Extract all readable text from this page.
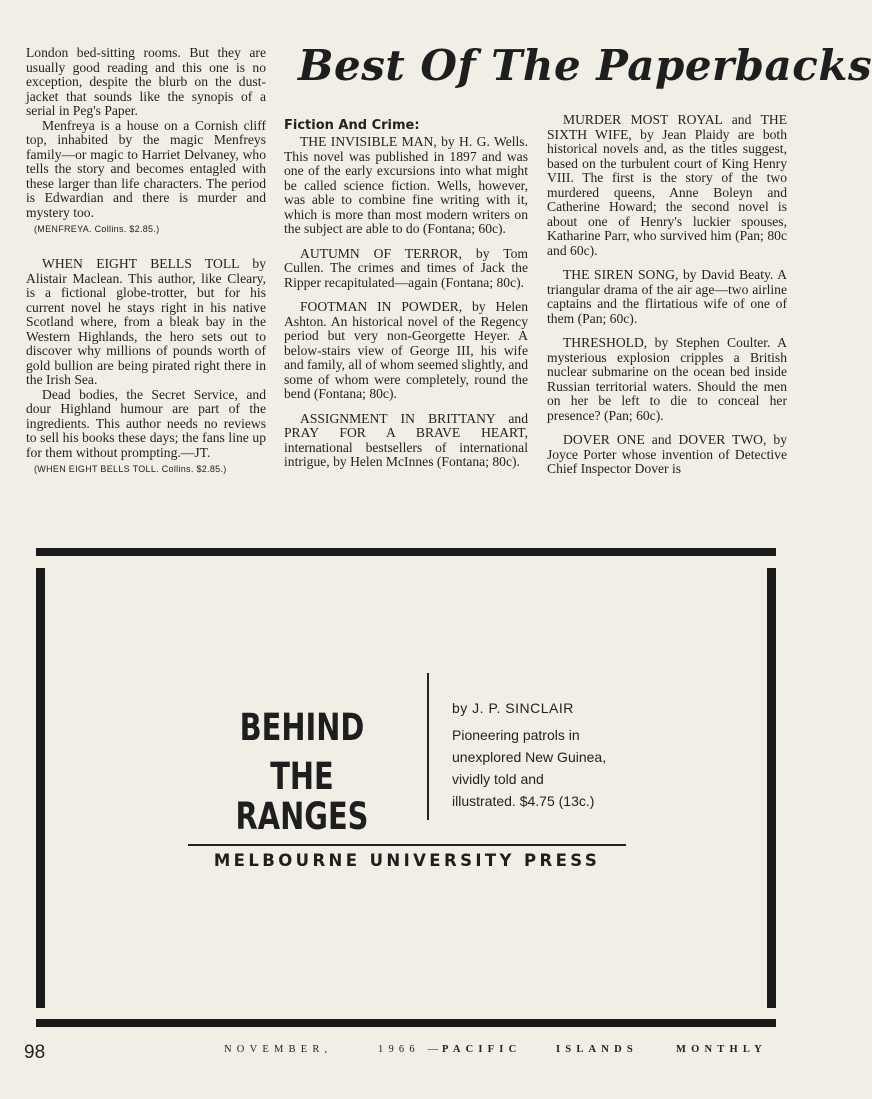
London bed-sitting rooms. But they are usually good reading and this one is no exception, despite the blurb on the dust-jacket that sounds like the synopis of a serial in Peg's Paper.

Menfreya is a house on a Cornish cliff top, inhabited by the magic Menfreys family—or magic to Harriet Delvaney, who tells the story and becomes entagled with these larger than life characters. The period is Edwardian and there is murder and mystery too.

(MENFREYA. Collins. $2.85.)

WHEN EIGHT BELLS TOLL by Alistair Maclean. This author, like Cleary, is a fictional globe-trotter, but for his current novel he stays right in his native Scotland where, from a bleak bay in the Western Highlands, the hero sets out to discover why millions of pounds worth of gold bullion are being pirated right there in the Irish Sea.

Dead bodies, the Secret Service, and dour Highland humour are part of the ingredients. This author needs no reviews to sell his books these days; the fans line up for them without prompting.—JT.

(WHEN EIGHT BELLS TOLL. Collins. $2.85.)

Best Of The Paperbacks
Fiction And Crime:

THE INVISIBLE MAN, by H. G. Wells. This novel was published in 1897 and was one of the early excursions into what might be called science fiction. Wells, however, was able to combine fine writing with it, which is more than most modern writers on the subject are able to do (Fontana; 60c).

AUTUMN OF TERROR, by Tom Cullen. The crimes and times of Jack the Ripper recapitulated—again (Fontana; 80c).

FOOTMAN IN POWDER, by Helen Ashton. An historical novel of the Regency period but very non-Georgette Heyer. A below-stairs view of George III, his wife and family, all of whom seemed slightly, and some of whom were completely, round the bend (Fontana; 80c).

ASSIGNMENT IN BRITTANY and PRAY FOR A BRAVE HEART, international bestsellers of international intrigue, by Helen McInnes (Fontana; 80c).

MURDER MOST ROYAL and THE SIXTH WIFE, by Jean Plaidy are both historical novels and, as the titles suggest, based on the turbulent court of King Henry VIII. The first is the story of the two murdered queens, Anne Boleyn and Catherine Howard; the second novel is about one of Henry's luckier spouses, Katharine Parr, who survived him (Pan; 80c and 60c).

THE SIREN SONG, by David Beaty. A triangular drama of the air age—two airline captains and the flirtatious wife of one of them (Pan; 60c).

THRESHOLD, by Stephen Coulter. A mysterious explosion cripples a British nuclear submarine on the ocean bed inside Russian territorial waters. Should the men on her be left to die to conceal her presence? (Pan; 60c).

DOVER ONE and DOVER TWO, by Joyce Porter whose invention of Detective Chief Inspector Dover is

BEHIND
THE RANGES
by J. P. SINCLAIR
Pioneering patrols in
unexplored New Guinea,
vividly told and
illustrated. $4.75 (13c.)
MELBOURNE UNIVERSITY PRESS
98	NOVEMBER,	1966 —
PACIFIC	ISLANDS	MONTHLY
